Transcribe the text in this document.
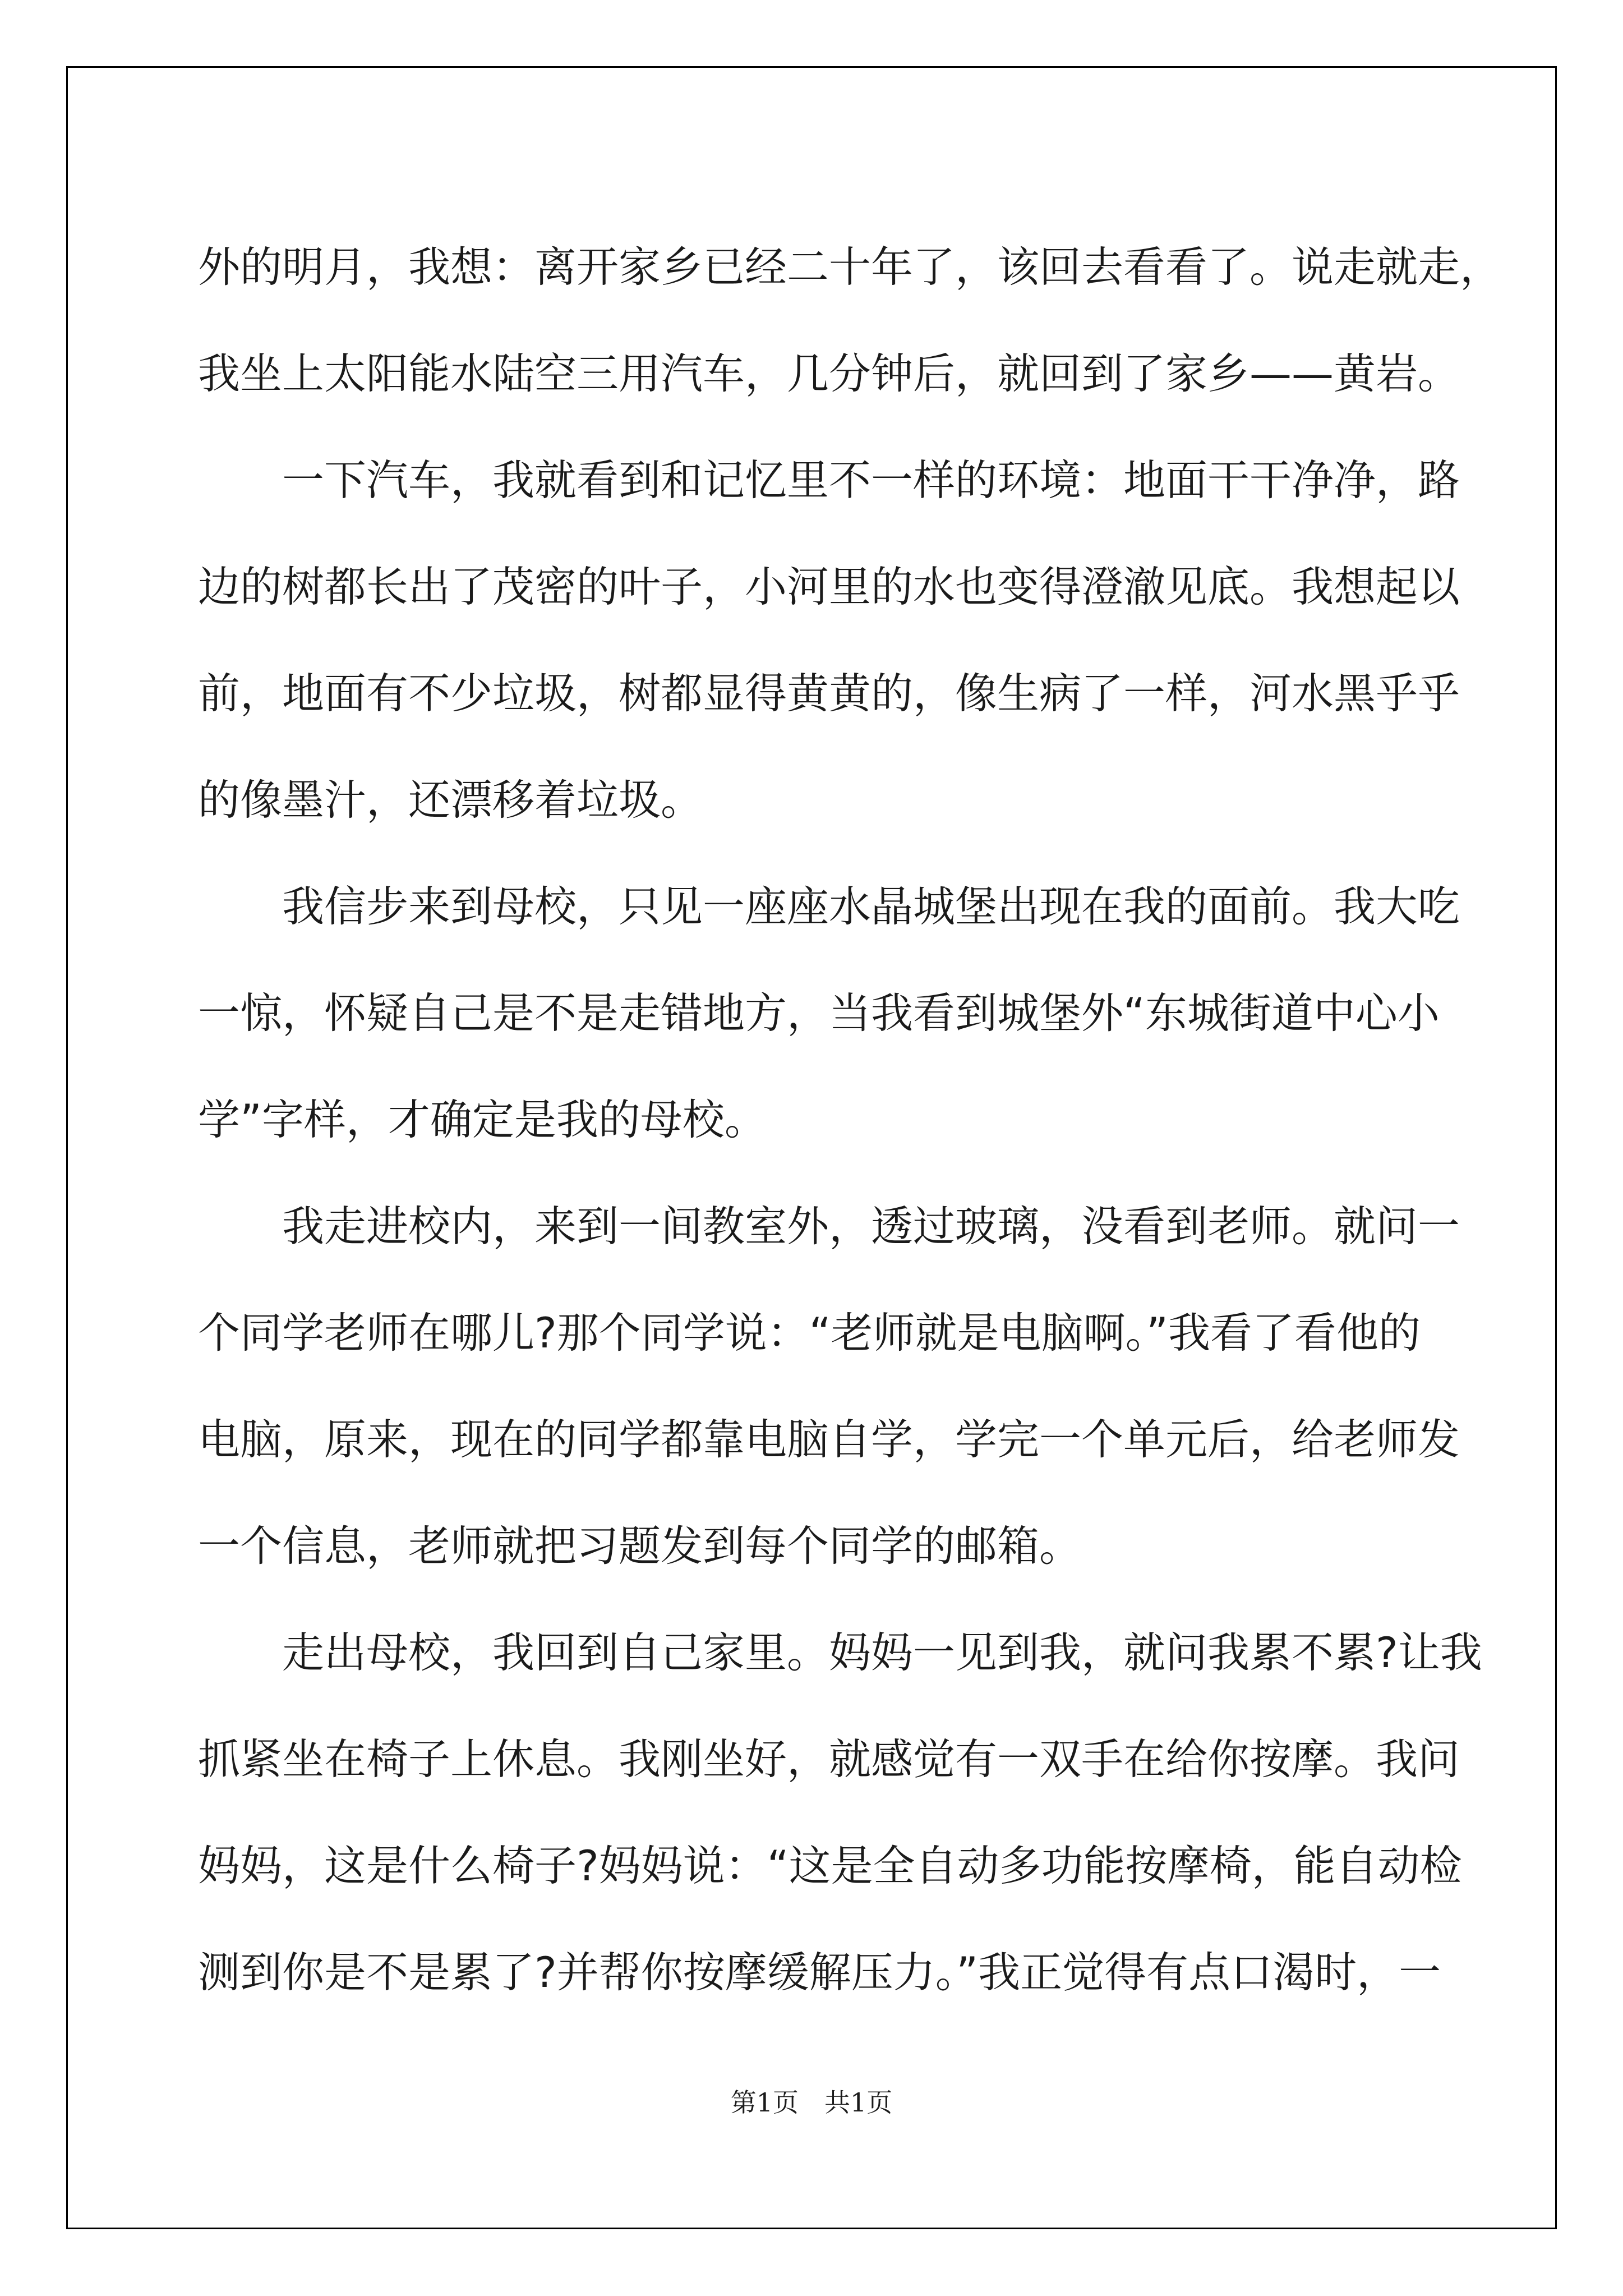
外的明月，我想：离开家乡已经二十年了，该回去看看了。说走就走，
我坐上太阳能水陆空三用汽车，几分钟后，就回到了家乡——黄岩。
　　一下汽车，我就看到和记忆里不一样的环境：地面干干净净，路
边的树都长出了茂密的叶子，小河里的水也变得澄澈见底。我想起以
前，地面有不少垃圾，树都显得黄黄的，像生病了一样，河水黑乎乎
的像墨汁，还漂移着垃圾。
　　我信步来到母校，只见一座座水晶城堡出现在我的面前。我大吃
一惊，怀疑自己是不是走错地方，当我看到城堡外“东城街道中心小
学”字样，才确定是我的母校。
　　我走进校内，来到一间教室外，透过玻璃，没看到老师。就问一
个同学老师在哪儿?那个同学说：“老师就是电脑啊。”我看了看他的
电脑，原来，现在的同学都靠电脑自学，学完一个单元后，给老师发
一个信息，老师就把习题发到每个同学的邮箱。
　　走出母校，我回到自己家里。妈妈一见到我，就问我累不累?让我
抓紧坐在椅子上休息。我刚坐好，就感觉有一双手在给你按摩。我问
妈妈，这是什么椅子?妈妈说：“这是全自动多功能按摩椅，能自动检
测到你是不是累了?并帮你按摩缓解压力。”我正觉得有点口渴时，一
第1页　共1页
